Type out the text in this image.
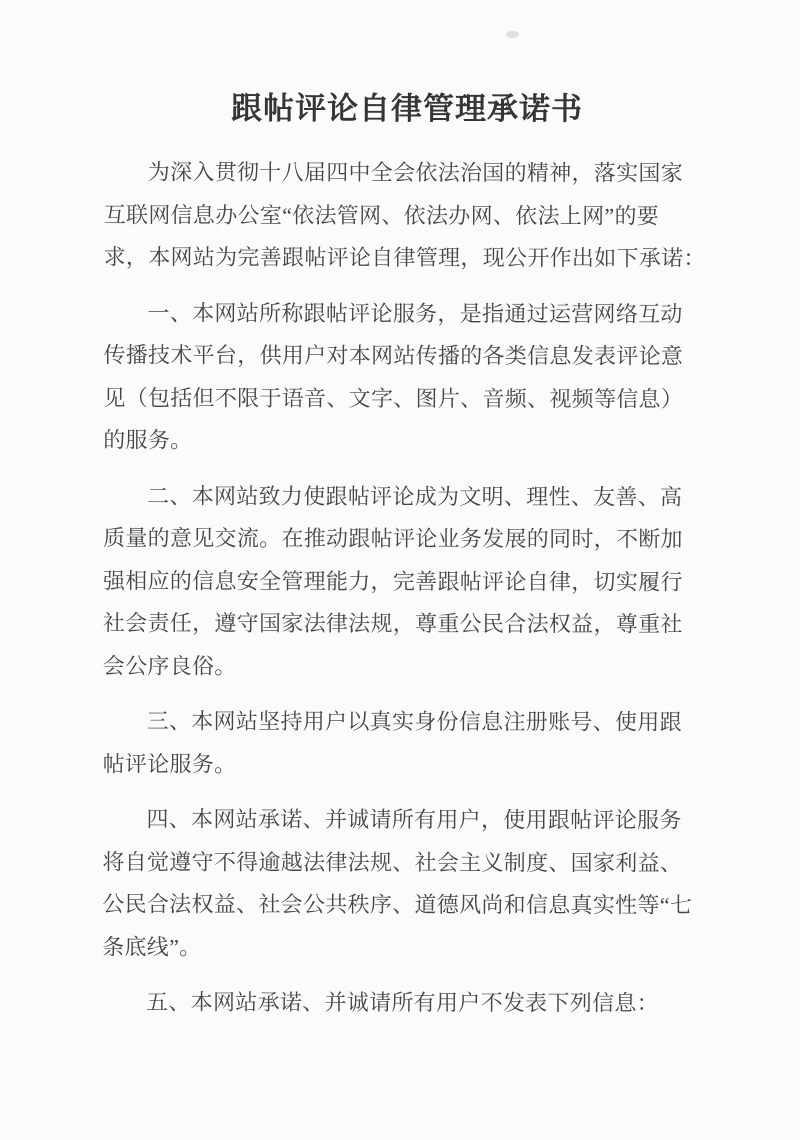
跟帖评论自律管理承诺书

为深入贯彻十八届四中全会依法治国的精神，落实国家
互联网信息办公室“依法管网、依法办网、依法上网”的要
求，本网站为完善跟帖评论自律管理，现公开作出如下承诺：

一、本网站所称跟帖评论服务，是指通过运营网络互动
传播技术平台，供用户对本网站传播的各类信息发表评论意
见（包括但不限于语音、文字、图片、音频、视频等信息）
的服务。

二、本网站致力使跟帖评论成为文明、理性、友善、高
质量的意见交流。在推动跟帖评论业务发展的同时，不断加
强相应的信息安全管理能力，完善跟帖评论自律，切实履行
社会责任，遵守国家法律法规，尊重公民合法权益，尊重社
会公序良俗。

三、本网站坚持用户以真实身份信息注册账号、使用跟
帖评论服务。

四、本网站承诺、并诚请所有用户，使用跟帖评论服务
将自觉遵守不得逾越法律法规、社会主义制度、国家利益、
公民合法权益、社会公共秩序、道德风尚和信息真实性等“七
条底线”。

五、本网站承诺、并诚请所有用户不发表下列信息：
